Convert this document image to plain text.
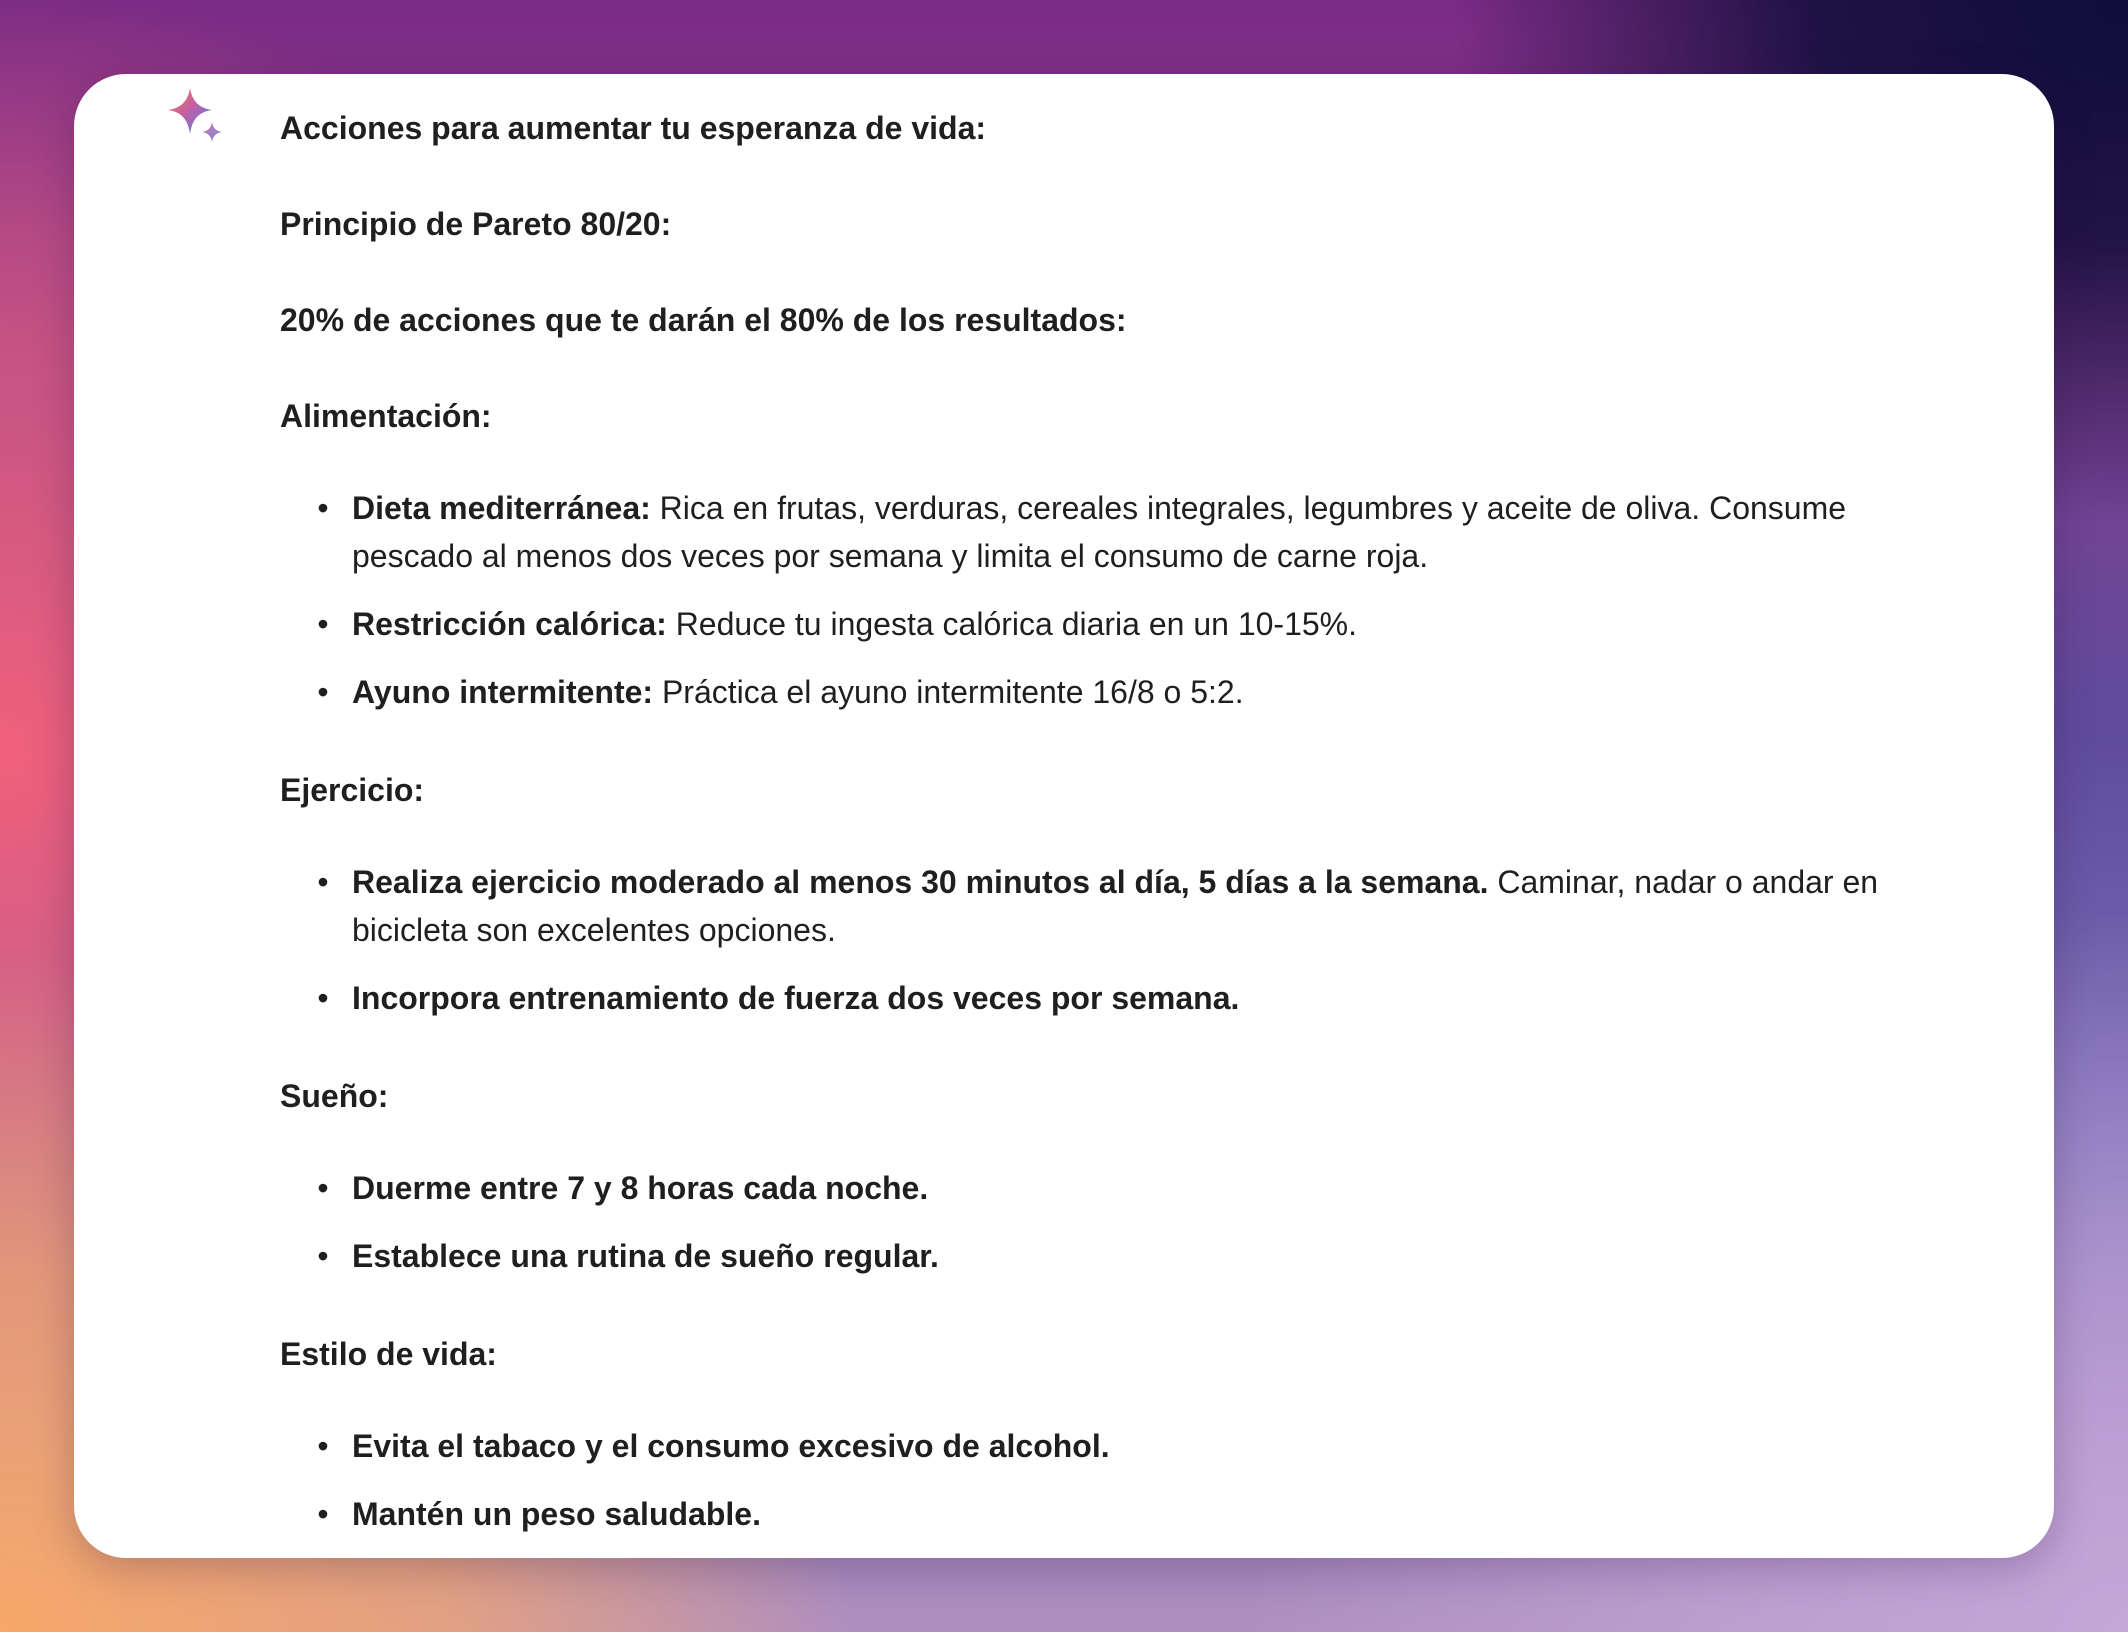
Acciones para aumentar tu esperanza de vida:

Principio de Pareto 80/20:

20% de acciones que te darán el 80% de los resultados:

Alimentación:

• Dieta mediterránea: Rica en frutas, verduras, cereales integrales, legumbres y aceite de oliva. Consume pescado al menos dos veces por semana y limita el consumo de carne roja.
• Restricción calórica: Reduce tu ingesta calórica diaria en un 10-15%.
• Ayuno intermitente: Práctica el ayuno intermitente 16/8 o 5:2.

Ejercicio:

• Realiza ejercicio moderado al menos 30 minutos al día, 5 días a la semana. Caminar, nadar o andar en bicicleta son excelentes opciones.
• Incorpora entrenamiento de fuerza dos veces por semana.

Sueño:

• Duerme entre 7 y 8 horas cada noche.
• Establece una rutina de sueño regular.

Estilo de vida:

• Evita el tabaco y el consumo excesivo de alcohol.
• Mantén un peso saludable.
